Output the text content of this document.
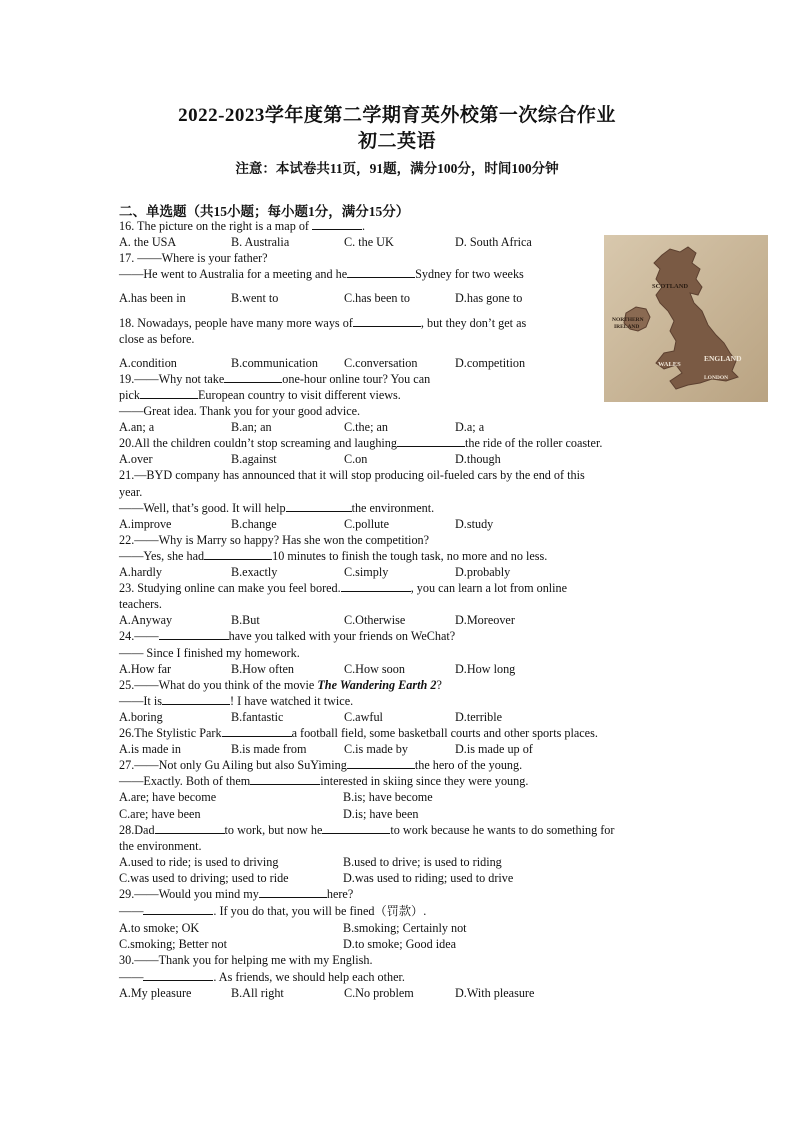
2022-2023学年度第二学期育英外校第一次综合作业
初二英语
注意：本试卷共11页，91题，满分100分，时间100分钟
二、单选题（共15小题；每小题1分，满分15分）
SCOTLAND
NORTHERN
IRELAND
WALES
ENGLAND
LONDON
16. The picture on the right is a map of	.
A. the USA	B. Australia	C. the UK	D. South Africa
17. ——Where is your father?
——He went to Australia for a meeting and he	Sydney for two weeks
A.has been in	B.went to	C.has been to	D.has gone to
18. Nowadays, people have many more ways of	, but they don’t get as
close as before.
A.condition	B.communication C.conversation	D.competition
19.——Why not take	one-hour online tour? You can
pick	European country to visit different views.
——Great idea. Thank you for your good advice.
A.an; a	B.an; an	C.the; an	D.a; a
20.All the children couldn’t stop screaming and laughing	the ride of the roller coaster.
A.over	B.against	C.on	D.though
21.—BYD company has announced that it will stop producing oil-fueled cars by the end of this
year.
——Well, that’s good. It will help	the environment.
A.improve	B.change	C.pollute	D.study
22.——Why is Marry so happy? Has she won the competition?
——Yes, she had	10 minutes to finish the tough task, no more and no less.
A.hardly	B.exactly	C.simply	D.probably
23. Studying online can make you feel bored.	, you can learn a lot from online
teachers.
A.Anyway	B.But	C.Otherwise	D.Moreover
24.——	have you talked with your friends on WeChat?
—— Since I finished my homework.
A.How far	B.How often	C.How soon	D.How long
25.——What do you think of the movie The Wandering Earth 2?
——It is	! I have watched it twice.
A.boring	B.fantastic	C.awful	D.terrible
26.The Stylistic Park	a football field, some basketball courts and other sports places.
A.is made in	B.is made from	C.is made by	D.is made up of
27.——Not only Gu Ailing but also SuYiming	the hero of the young.
——Exactly. Both of them	interested in skiing since they were young.
A.are; have become	B.is; have become
C.are; have been	D.is; have been
28.Dad	to work, but now he	to work because he wants to do something for
the environment.
A.used to ride; is used to driving	B.used to drive; is used to riding
C.was used to driving; used to ride	D.was used to riding; used to drive
29.——Would you mind my	here?
——	. If you do that, you will be fined（罚款）.
A.to smoke; OK	B.smoking; Certainly not
C.smoking; Better not	D.to smoke; Good idea
30.——Thank you for helping me with my English.
——	. As friends, we should help each other.
A.My pleasure	B.All right	C.No problem	D.With pleasure
